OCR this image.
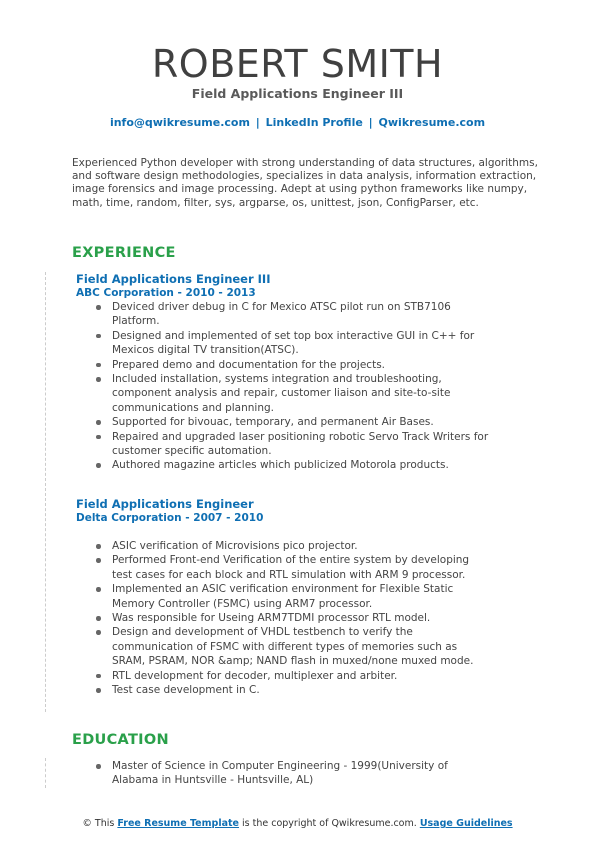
ROBERT SMITH
Field Applications Engineer III
info@qwikresume.com | LinkedIn Profile | Qwikresume.com
Experienced Python developer with strong understanding of data structures, algorithms, and software design methodologies, specializes in data analysis, information extraction, image forensics and image processing. Adept at using python frameworks like numpy, math, time, random, filter, sys, argparse, os, unittest, json, ConfigParser, etc.
EXPERIENCE
Field Applications Engineer III
ABC Corporation - 2010 - 2013
Deviced driver debug in C for Mexico ATSC pilot run on STB7106 Platform.
Designed and implemented of set top box interactive GUI in C++ for Mexicos digital TV transition(ATSC).
Prepared demo and documentation for the projects.
Included installation, systems integration and troubleshooting, component analysis and repair, customer liaison and site-to-site communications and planning.
Supported for bivouac, temporary, and permanent Air Bases.
Repaired and upgraded laser positioning robotic Servo Track Writers for customer specific automation.
Authored magazine articles which publicized Motorola products.
Field Applications Engineer
Delta Corporation - 2007 - 2010
ASIC verification of Microvisions pico projector.
Performed Front-end Verification of the entire system by developing test cases for each block and RTL simulation with ARM 9 processor.
Implemented an ASIC verification environment for Flexible Static Memory Controller (FSMC) using ARM7 processor.
Was responsible for Useing ARM7TDMI processor RTL model.
Design and development of VHDL testbench to verify the communication of FSMC with different types of memories such as SRAM, PSRAM, NOR &amp; NAND flash in muxed/none muxed mode.
RTL development for decoder, multiplexer and arbiter.
Test case development in C.
EDUCATION
Master of Science in Computer Engineering - 1999(University of Alabama in Huntsville - Huntsville, AL)
© This Free Resume Template is the copyright of Qwikresume.com. Usage Guidelines
